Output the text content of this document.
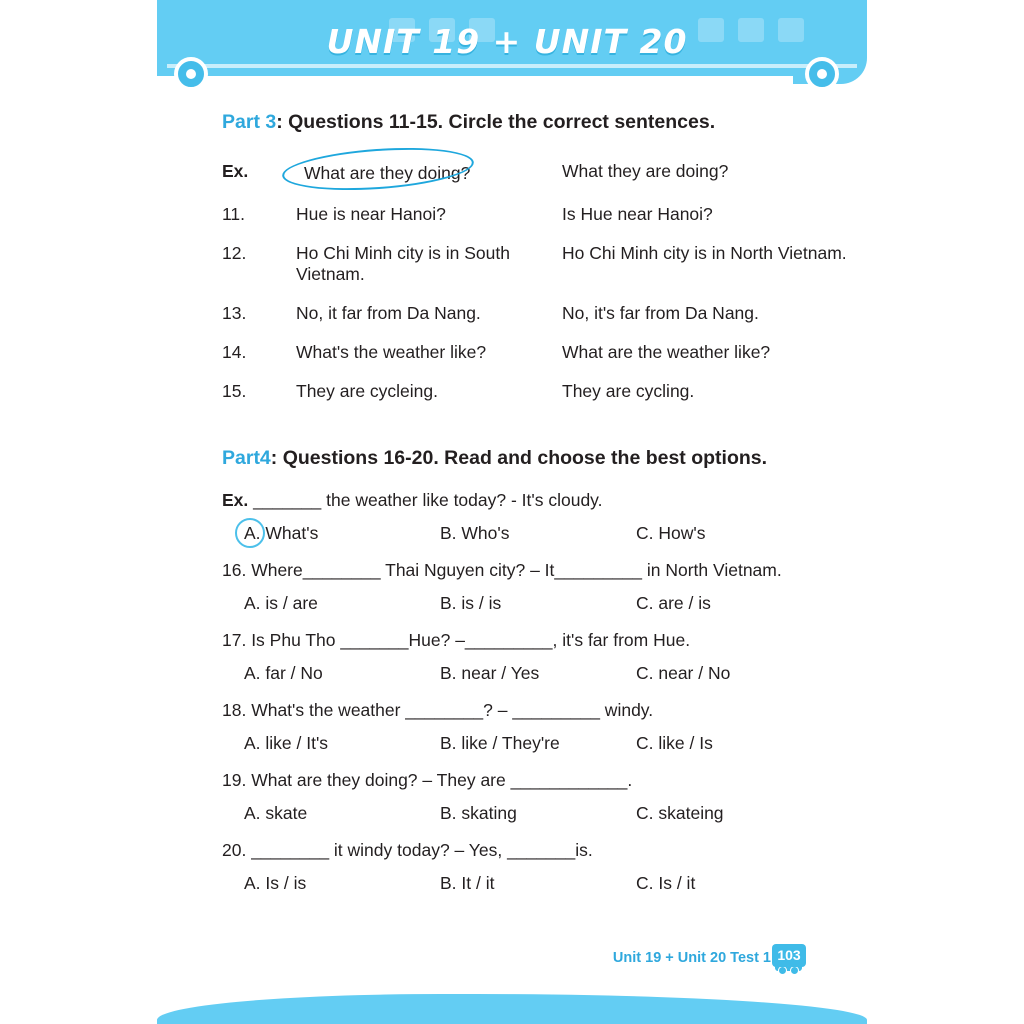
UNIT 19 + UNIT 20
Part 3: Questions 11-15. Circle the correct sentences.
Ex.	What are they doing?	What they are doing?
11.	Hue is near Hanoi?	Is Hue near Hanoi?
12.	Ho Chi Minh city is in South Vietnam.	Ho Chi Minh city is in North Vietnam.
13.	No, it far from Da Nang.	No, it's far from Da Nang.
14.	What's the weather like?	What are the weather like?
15.	They are cycleing.	They are cycling.
Part4: Questions 16-20. Read and choose the best options.
Ex. _______ the weather like today? - It's cloudy.
A. What's	B. Who's	C. How's
16. Where________ Thai Nguyen city? – It_________ in North Vietnam.
A. is / are	B. is / is	C. are / is
17. Is Phu Tho _______Hue? –_________, it's far from Hue.
A. far / No	B. near / Yes	C. near / No
18. What's the weather ________? – _________ windy.
A. like / It's	B. like / They're	C. like / Is
19. What are they doing? – They are ____________.
A. skate	B. skating	C. skateing
20. ________ it windy today? – Yes, _______is.
A. Is / is	B. It / it	C. Is / it
Unit 19 + Unit 20 Test 1 103
